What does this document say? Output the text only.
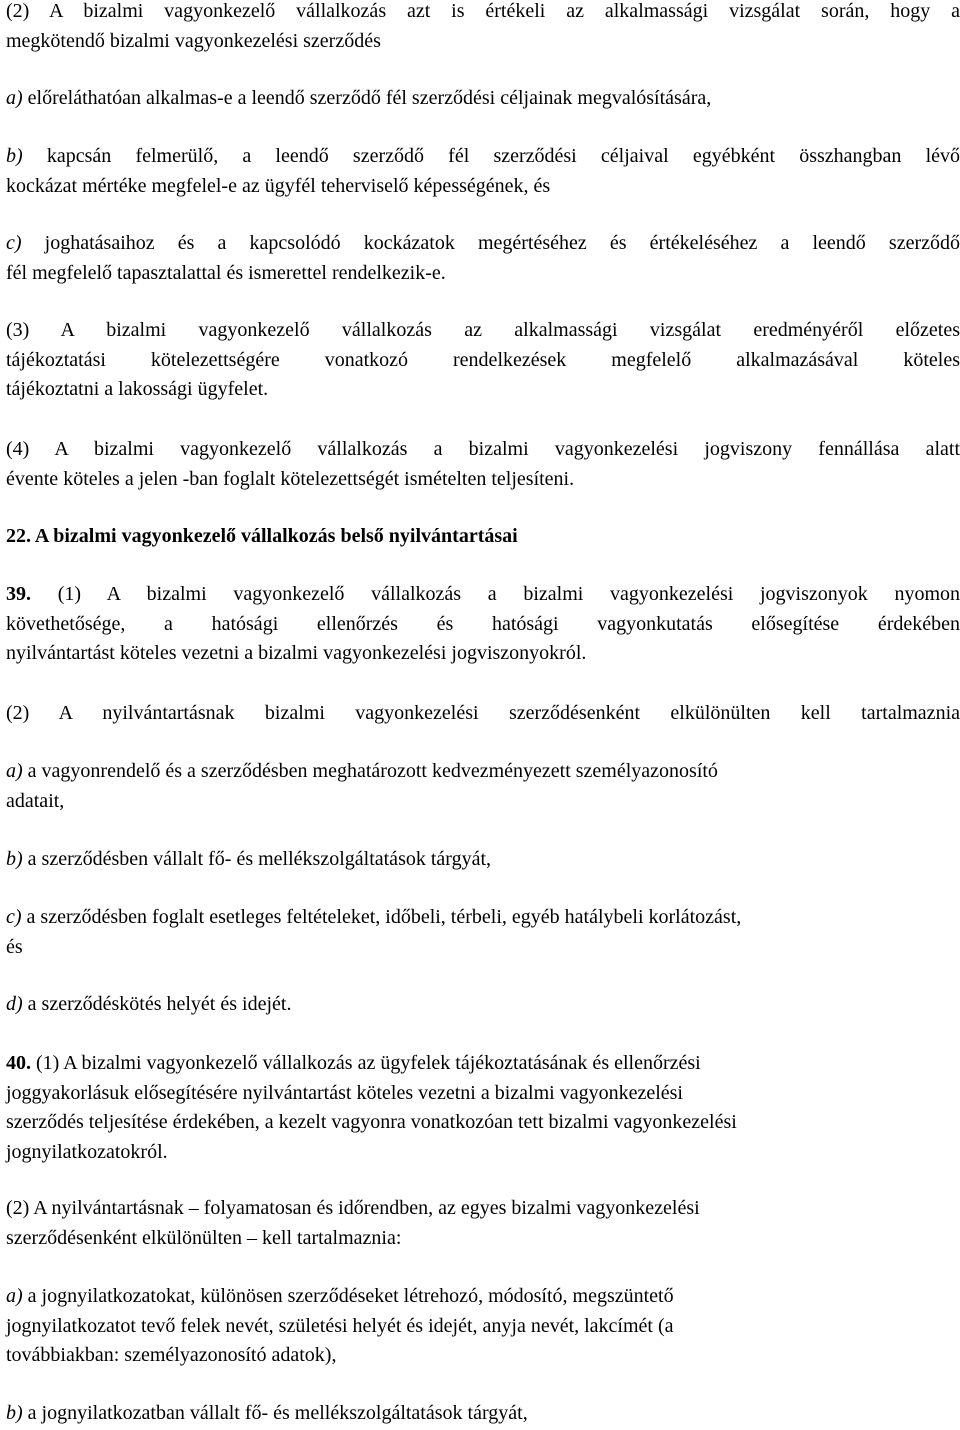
(2) A bizalmi vagyonkezelő vállalkozás azt is értékeli az alkalmassági vizsgálat során, hogy a
megkötendő bizalmi vagyonkezelési szerződés
a) előreláthatóan alkalmas-e a leendő szerződő fél szerződési céljainak megvalósítására,
b) kapcsán felmerülő, a leendő szerződő fél szerződési céljaival egyébként összhangban lévő
kockázat mértéke megfelel-e az ügyfél teherviselő képességének, és
c) joghatásaihoz és a kapcsolódó kockázatok megértéséhez és értékeléséhez a leendő szerződő
fél megfelelő tapasztalattal és ismerettel rendelkezik-e.
(3) A bizalmi vagyonkezelő vállalkozás az alkalmassági vizsgálat eredményéről előzetes
tájékoztatási kötelezettségére vonatkozó rendelkezések megfelelő alkalmazásával köteles
tájékoztatni a lakossági ügyfelet.
(4) A bizalmi vagyonkezelő vállalkozás a bizalmi vagyonkezelési jogviszony fennállása alatt
évente köteles a jelen -ban foglalt kötelezettségét ismételten teljesíteni.
22. A bizalmi vagyonkezelő vállalkozás belső nyilvántartásai
39. (1) A bizalmi vagyonkezelő vállalkozás a bizalmi vagyonkezelési jogviszonyok nyomon
követhetősége, a hatósági ellenőrzés és hatósági vagyonkutatás elősegítése érdekében
nyilvántartást köteles vezetni a bizalmi vagyonkezelési jogviszonyokról.
(2) A nyilvántartásnak bizalmi vagyonkezelési szerződésenként elkülönülten kell tartalmaznia
a) a vagyonrendelő és a szerződésben meghatározott kedvezményezett személyazonosító
adatait,
b) a szerződésben vállalt fő- és mellékszolgáltatások tárgyát,
c) a szerződésben foglalt esetleges feltételeket, időbeli, térbeli, egyéb hatálybeli korlátozást,
és
d) a szerződéskötés helyét és idejét.
40. (1) A bizalmi vagyonkezelő vállalkozás az ügyfelek tájékoztatásának és ellenőrzési
joggyakorlásuk elősegítésére nyilvántartást köteles vezetni a bizalmi vagyonkezelési
szerződés teljesítése érdekében, a kezelt vagyonra vonatkozóan tett bizalmi vagyonkezelési
jognyilatkozatokról.
(2) A nyilvántartásnak – folyamatosan és időrendben, az egyes bizalmi vagyonkezelési
szerződésenként elkülönülten – kell tartalmaznia:
a) a jognyilatkozatokat, különösen szerződéseket létrehozó, módosító, megszüntető
jognyilatkozatot tevő felek nevét, születési helyét és idejét, anyja nevét, lakcímét (a
továbbiakban: személyazonosító adatok),
b) a jognyilatkozatban vállalt fő- és mellékszolgáltatások tárgyát,
